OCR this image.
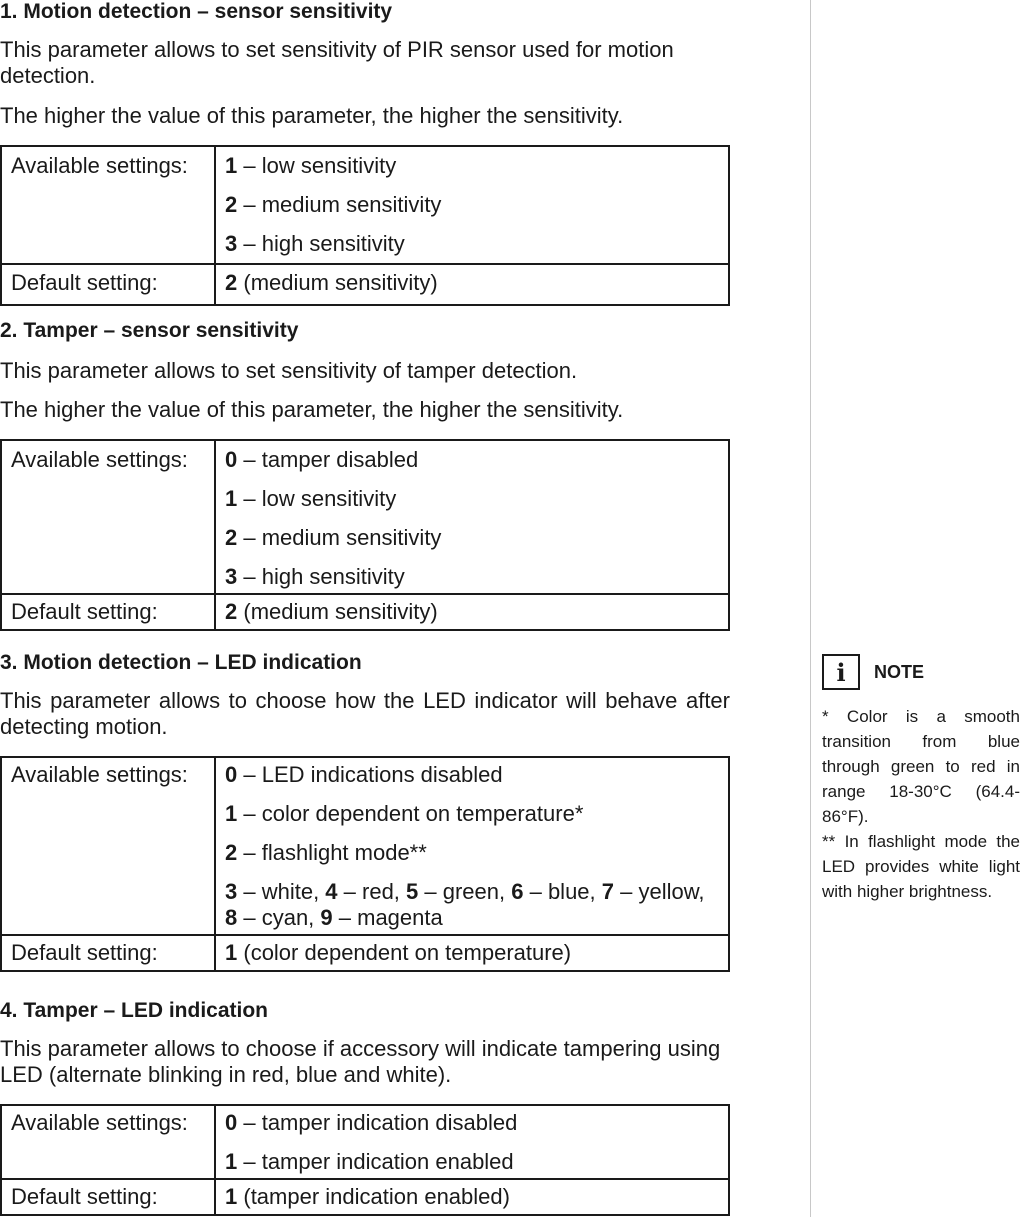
1. Motion detection – sensor sensitivity

This parameter allows to set sensitivity of PIR sensor used for motion detection.

The higher the value of this parameter, the higher the sensitivity.

Available settings:	1 – low sensitivity
2 – medium sensitivity
3 – high sensitivity

Default setting:	2 (medium sensitivity)
2. Tamper – sensor sensitivity

This parameter allows to set sensitivity of tamper detection.

The higher the value of this parameter, the higher the sensitivity.

Available settings:	0 – tamper disabled
1 – low sensitivity
2 – medium sensitivity
3 – high sensitivity

Default setting:	2 (medium sensitivity)
3. Motion detection – LED indication

This parameter allows to choose how the LED indicator will behave after detecting motion.

Available settings:	0 – LED indications disabled
1 – color dependent on temperature*
2 – flashlight mode**
3 – white, 4 – red, 5 – green, 6 – blue, 7 – yellow,
8 – cyan, 9 – magenta

Default setting:	1 (color dependent on temperature)
4. Tamper – LED indication

This parameter allows to choose if accessory will indicate tampering using LED (alternate blinking in red, blue and white).

Available settings:	0 – tamper indication disabled
1 – tamper indication enabled

Default setting:	1 (tamper indication enabled)
i	NOTE
* Color is a smooth transition from blue through green to red in range 18-30°C (64.4-86°F).
** In flashlight mode the LED provides white light with higher brightness.
